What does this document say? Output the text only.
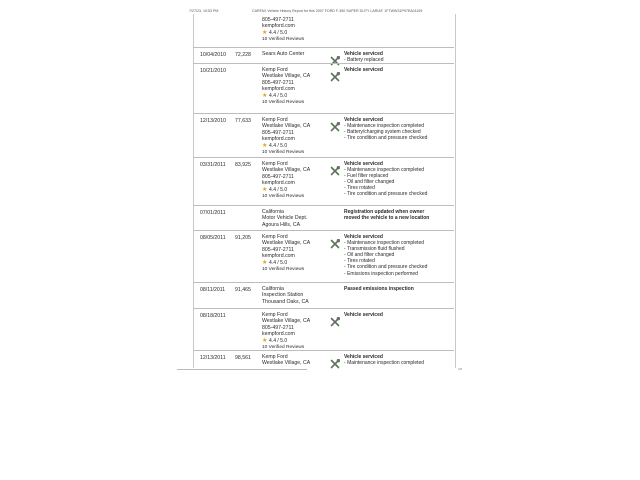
7/27/23, 10:53 PM	CARFAX Vehicle History Report for this 2007 FORD F-350 SUPER DUTY LARIAT: 1FTWW31P97EA01159
805-497-2711
kempford.com
★ 4.4 / 5.0
10 Verified Reviews
10/04/2010 72,228 Sears Auto Center	Vehicle serviced
- Battery replaced
10/21/2010	Kemp Ford
Westlake Village, CA
805-497-2711
kempford.com
★ 4.4 / 5.0
10 Verified Reviews
Vehicle serviced
12/13/2010 77,633 Kemp Ford
Westlake Village, CA
805-497-2711
kempford.com
★ 4.4 / 5.0
10 Verified Reviews
Vehicle serviced
- Maintenance inspection completed
- Battery/charging system checked
- Tire condition and pressure checked
03/31/2011 83,925 Kemp Ford
Westlake Village, CA
805-497-2711
kempford.com
★ 4.4 / 5.0
10 Verified Reviews
Vehicle serviced
- Maintenance inspection completed
- Fuel filter replaced
- Oil and filter changed
- Tires rotated
- Tire condition and pressure checked
07/01/2011	California
Motor Vehicle Dept.
Agoura Hills, CA
Registration updated when owner moved the vehicle to a new location
08/05/2011 91,205 Kemp Ford
Westlake Village, CA
805-497-2711
kempford.com
★ 4.4 / 5.0
10 Verified Reviews
Vehicle serviced
- Maintenance inspection completed
- Transmission fluid flushed
- Oil and filter changed
- Tires rotated
- Tire condition and pressure checked
- Emissions inspection performed
08/11/2011 91,465 California
Inspection Station
Thousand Oaks, CA
Passed emissions inspection
08/18/2011	Kemp Ford
Westlake Village, CA
805-497-2711
kempford.com
★ 4.4 / 5.0
10 Verified Reviews
Vehicle serviced
12/13/2011 98,561 Kemp Ford
Westlake Village, CA
Vehicle serviced
- Maintenance inspection completed
4/8
